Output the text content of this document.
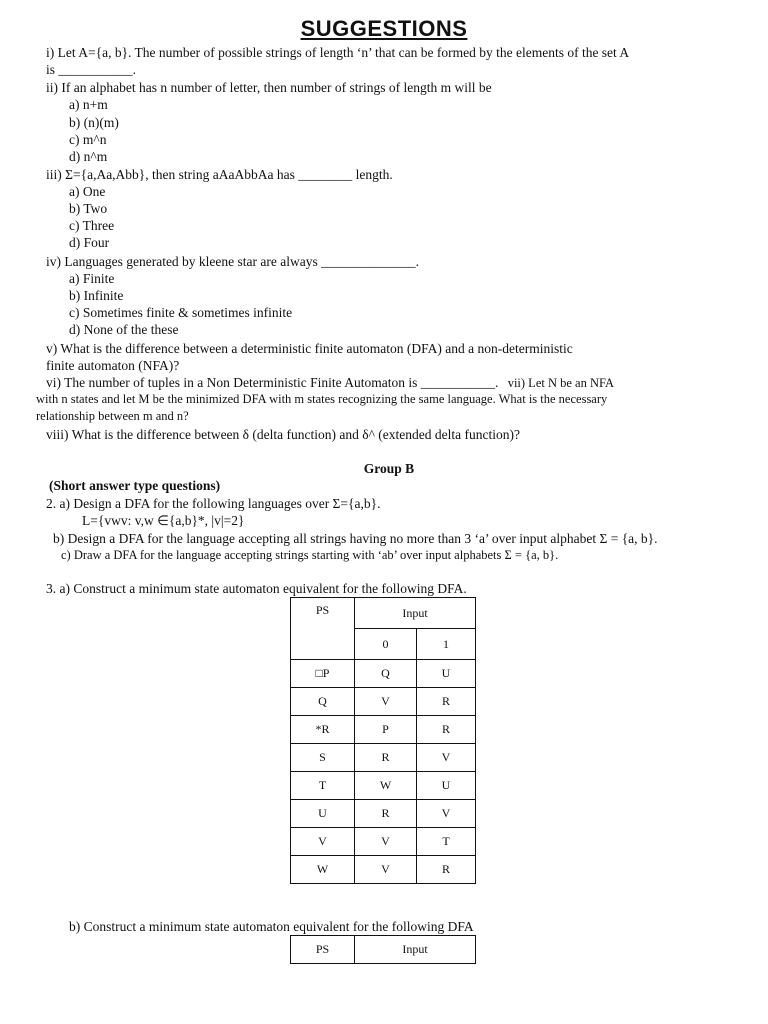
SUGGESTIONS
i) Let A={a, b}. The number of possible strings of length ‘n’ that can be formed by the elements of the set A
is ___________.
ii) If an alphabet has n number of letter, then number of strings of length m will be
a) n+m
b) (n)(m)
c) m^n
d) n^m
iii) Σ={a,Aa,Abb}, then string aAaAbbAa has ________ length.
a) One
b) Two
c) Three
d) Four
iv) Languages generated by kleene star are always ______________.
a) Finite
b) Infinite
c) Sometimes finite & sometimes infinite
d) None of the these
v) What is the difference between a deterministic finite automaton (DFA) and a non-deterministic
finite automaton (NFA)?
vi) The number of tuples in a Non Deterministic Finite Automaton is ___________. vii) Let N be an NFA
with n states and let M be the minimized DFA with m states recognizing the same language. What is the necessary
relationship between m and n?
viii) What is the difference between δ (delta function) and δ^ (extended delta function)?
Group B
(Short answer type questions)
2. a) Design a DFA for the following languages over Σ={a,b}.
L={vwv: v,w ∈{a,b}*, |v|=2}
b) Design a DFA for the language accepting all strings having no more than 3 ‘a’ over input alphabet Σ = {a, b}.
c) Draw a DFA for the language accepting strings starting with ‘ab’ over input alphabets Σ = {a, b}.
3. a) Construct a minimum state automaton equivalent for the following DFA.
PS	Input	
	0	1
□P	Q	U
Q	V	R
*R	P	R
S	R	V
T	W	U
U	R	V
V	V	T
W	V	R
b) Construct a minimum state automaton equivalent for the following DFA
PS	Input
